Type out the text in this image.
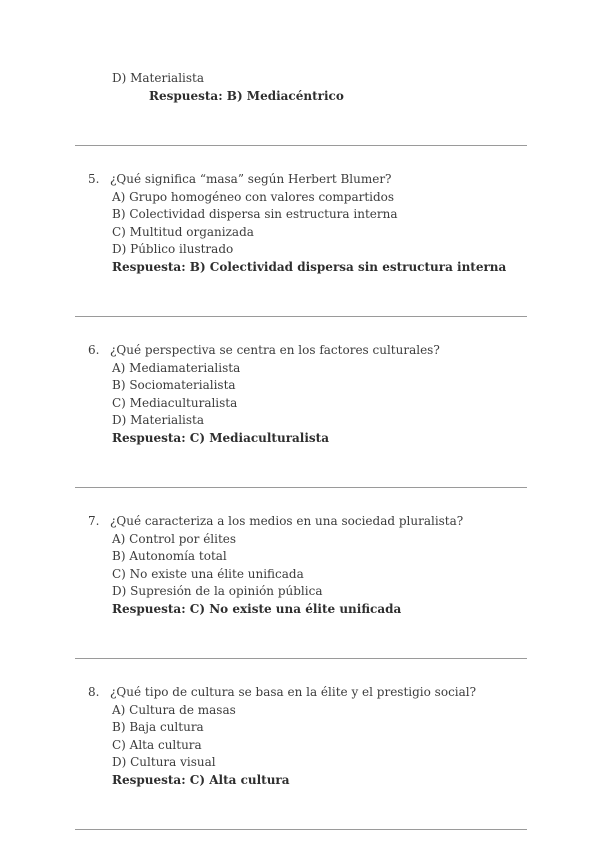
D) Materialista
Respuesta: B) Mediacéntrico
5. ¿Qué significa “masa” según Herbert Blumer?
A) Grupo homogéneo con valores compartidos
B) Colectividad dispersa sin estructura interna
C) Multitud organizada
D) Público ilustrado
Respuesta: B) Colectividad dispersa sin estructura interna
6. ¿Qué perspectiva se centra en los factores culturales?
A) Mediamaterialista
B) Sociomaterialista
C) Mediaculturalista
D) Materialista
Respuesta: C) Mediaculturalista
7. ¿Qué caracteriza a los medios en una sociedad pluralista?
A) Control por élites
B) Autonomía total
C) No existe una élite unificada
D) Supresión de la opinión pública
Respuesta: C) No existe una élite unificada
8. ¿Qué tipo de cultura se basa en la élite y el prestigio social?
A) Cultura de masas
B) Baja cultura
C) Alta cultura
D) Cultura visual
Respuesta: C) Alta cultura
